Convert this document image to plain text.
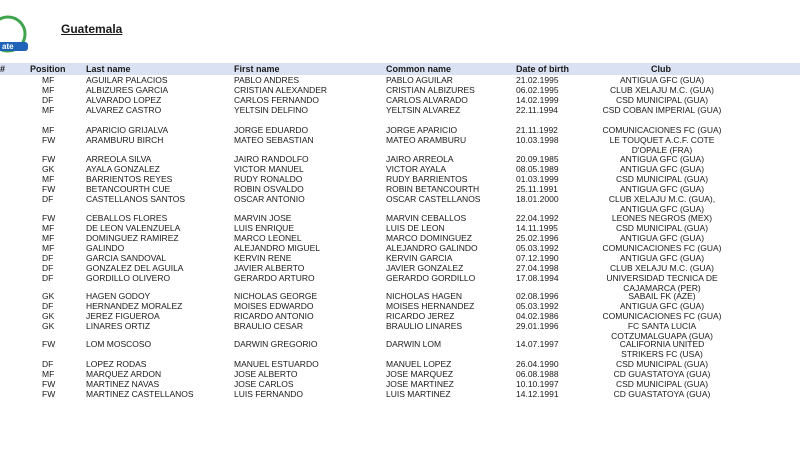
ate
Guatemala
#	Position Last name	First name	Common name	Date of birth	Club
MF	AGUILAR PALACIOS	PABLO ANDRES	PABLO AGUILAR	21.02.1995	ANTIGUA GFC (GUA)
MF	ALBIZURES GARCIA	CRISTIAN ALEXANDER	CRISTIAN ALBIZURES	06.02.1995	CLUB XELAJU M.C. (GUA)
DF	ALVARADO LOPEZ	CARLOS FERNANDO	CARLOS ALVARADO	14.02.1999	CSD MUNICIPAL (GUA)
MF	ALVAREZ CASTRO	YELTSIN DELFINO	YELTSIN ALVAREZ	22.11.1994	CSD COBAN IMPERIAL (GUA)
MF	APARICIO GRIJALVA	JORGE EDUARDO	JORGE APARICIO	21.11.1992	COMUNICACIONES FC (GUA)
FW	ARAMBURU BIRCH	MATEO SEBASTIAN	MATEO ARAMBURU	10.03.1998	LE TOUQUET A.C.F. COTE D'OPALE (FRA)
FW	ARREOLA SILVA	JAIRO RANDOLFO	JAIRO ARREOLA	20.09.1985	ANTIGUA GFC (GUA)
GK	AYALA GONZALEZ	VICTOR MANUEL	VICTOR AYALA	08.05.1989	ANTIGUA GFC (GUA)
MF	BARRIENTOS REYES	RUDY RONALDO	RUDY BARRIENTOS	01.03.1999	CSD MUNICIPAL (GUA)
FW	BETANCOURTH CUE	ROBIN OSVALDO	ROBIN BETANCOURTH	25.11.1991	ANTIGUA GFC (GUA)
DF	CASTELLANOS SANTOS	OSCAR ANTONIO	OSCAR CASTELLANOS	18.01.2000	CLUB XELAJU M.C. (GUA), ANTIGUA GFC (GUA)
FW	CEBALLOS FLORES	MARVIN JOSE	MARVIN CEBALLOS	22.04.1992	LEONES NEGROS (MEX)
MF	DE LEON VALENZUELA	LUIS ENRIQUE	LUIS DE LEON	14.11.1995	CSD MUNICIPAL (GUA)
MF	DOMINGUEZ RAMIREZ	MARCO LEONEL	MARCO DOMINGUEZ	25.02.1996	ANTIGUA GFC (GUA)
MF	GALINDO	ALEJANDRO MIGUEL	ALEJANDRO GALINDO	05.03.1992	COMUNICACIONES FC (GUA)
DF	GARCIA SANDOVAL	KERVIN RENE	KERVIN GARCIA	07.12.1990	ANTIGUA GFC (GUA)
DF	GONZALEZ DEL AGUILA	JAVIER ALBERTO	JAVIER GONZALEZ	27.04.1998	CLUB XELAJU M.C. (GUA)
DF	GORDILLO OLIVERO	GERARDO ARTURO	GERARDO GORDILLO	17.08.1994	UNIVERSIDAD TECNICA DE CAJAMARCA (PER)
GK	HAGEN GODOY	NICHOLAS GEORGE	NICHOLAS HAGEN	02.08.1996	SABAIL FK (AZE)
DF	HERNANDEZ MORALEZ	MOISES EDWARDO	MOISES HERNANDEZ	05.03.1992	ANTIGUA GFC (GUA)
GK	JEREZ FIGUEROA	RICARDO ANTONIO	RICARDO JEREZ	04.02.1986	COMUNICACIONES FC (GUA)
GK	LINARES ORTIZ	BRAULIO CESAR	BRAULIO LINARES	29.01.1996	FC SANTA LUCIA COTZUMALGUAPA (GUA)
FW	LOM MOSCOSO	DARWIN GREGORIO	DARWIN LOM	14.07.1997	CALIFORNIA UNITED STRIKERS FC (USA)
DF	LOPEZ RODAS	MANUEL ESTUARDO	MANUEL LOPEZ	26.04.1990	CSD MUNICIPAL (GUA)
MF	MARQUEZ ARDON	JOSE ALBERTO	JOSE MARQUEZ	06.08.1988	CD GUASTATOYA (GUA)
FW	MARTINEZ NAVAS	JOSE CARLOS	JOSE MARTINEZ	10.10.1997	CSD MUNICIPAL (GUA)
FW	MARTINEZ CASTELLANOS	LUIS FERNANDO	LUIS MARTINEZ	14.12.1991	CD GUASTATOYA (GUA)
